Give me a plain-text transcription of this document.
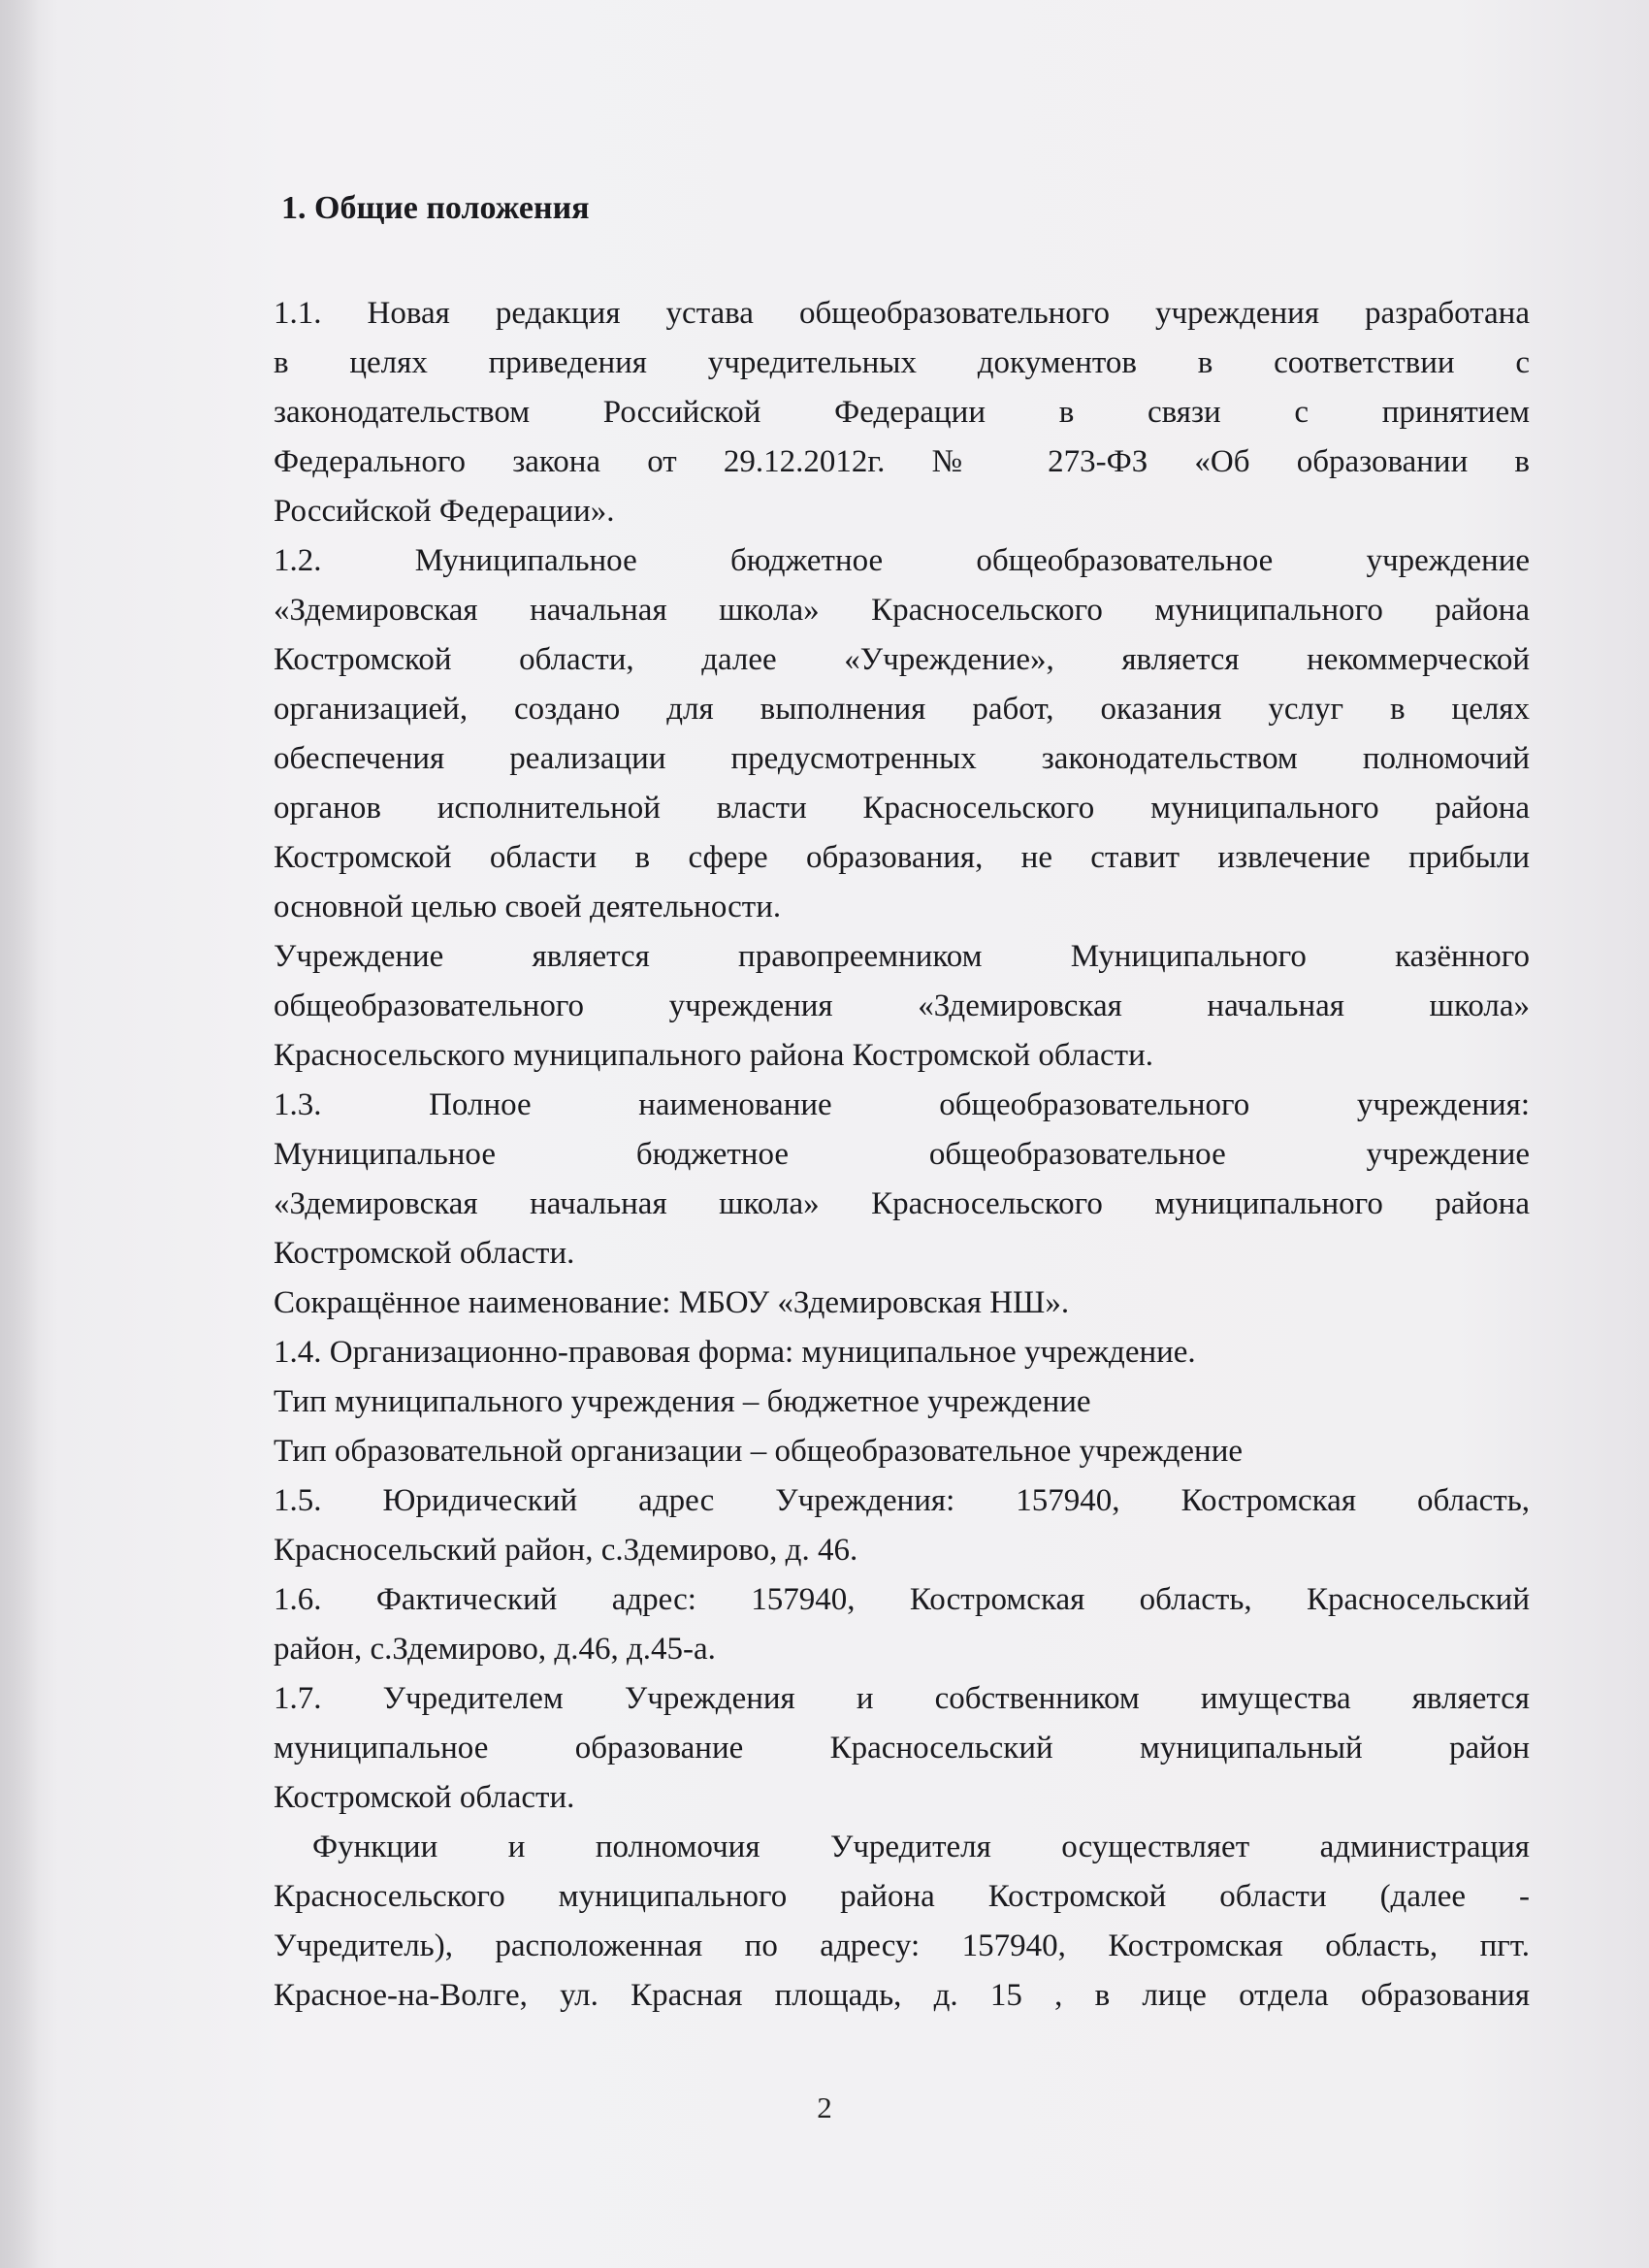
1. Общие положения
1.1. Новая редакция устава общеобразовательного учреждения разработана
в целях приведения учредительных документов в соответствии с
законодательством Российской Федерации в связи с принятием
Федерального закона от 29.12.2012г. № 273-ФЗ «Об образовании в
Российской Федерации».
1.2. Муниципальное бюджетное общеобразовательное учреждение
«Здемировская начальная школа» Красносельского муниципального района
Костромской области, далее «Учреждение», является некоммерческой
организацией, создано для выполнения работ, оказания услуг в целях
обеспечения реализации предусмотренных законодательством полномочий
органов исполнительной власти Красносельского муниципального района
Костромской области в сфере образования, не ставит извлечение прибыли
основной целью своей деятельности.
Учреждение является правопреемником Муниципального казённого
общеобразовательного учреждения «Здемировская начальная школа»
Красносельского муниципального района Костромской области.
1.3. Полное наименование общеобразовательного учреждения:
Муниципальное бюджетное общеобразовательное учреждение
«Здемировская начальная школа» Красносельского муниципального района
Костромской области.
Сокращённое наименование: МБОУ «Здемировская НШ».
1.4. Организационно-правовая форма: муниципальное учреждение.
Тип муниципального учреждения – бюджетное учреждение
Тип образовательной организации – общеобразовательное учреждение
1.5. Юридический адрес Учреждения: 157940, Костромская область,
Красносельский район, с.Здемирово, д. 46.
1.6. Фактический адрес: 157940, Костромская область, Красносельский
район, с.Здемирово, д.46, д.45-а.
1.7. Учредителем Учреждения и собственником имущества является
муниципальное образование Красносельский муниципальный район
Костромской области.
Функции и полномочия Учредителя осуществляет администрация
Красносельского муниципального района Костромской области (далее -
Учредитель), расположенная по адресу: 157940, Костромская область, пгт.
Красное-на-Волге, ул. Красная площадь, д. 15 , в лице отдела образования
2
